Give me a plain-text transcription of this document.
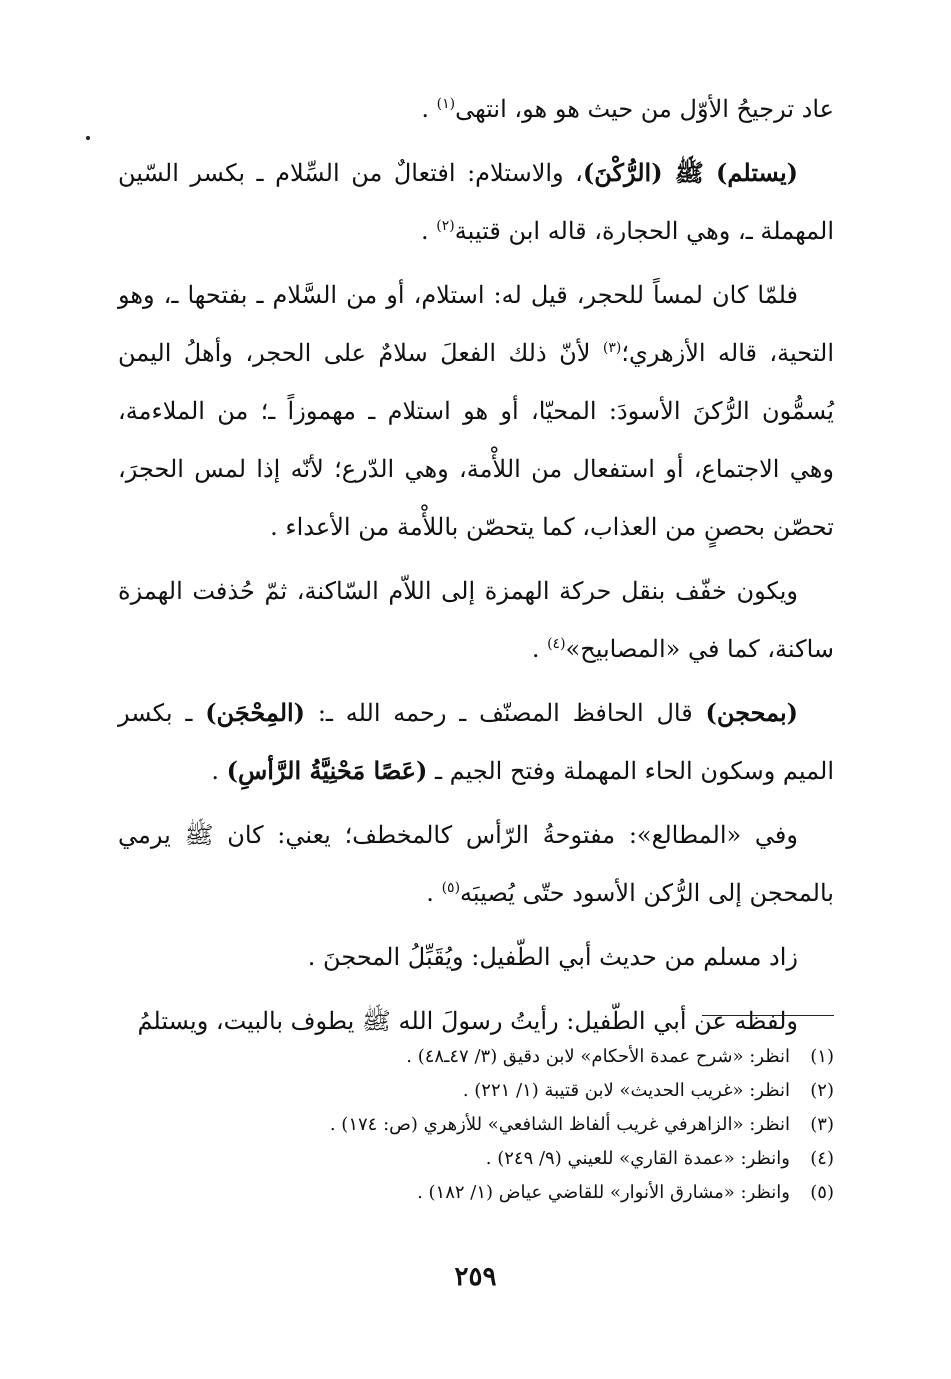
عاد ترجيحُ الأوّل من حيث هو هو، انتهى$^{(١)}$ .

(يستلم) ﷺ (الرُّكْنَ)، والاستلام: افتعالٌ من السِّلام ـ بكسر السّين المهملة ـ، وهي الحجارة، قاله ابن قتيبة$^{(٢)}$ .

فلمّا كان لمساً للحجر، قيل له: استلام، أو من السَّلام ـ بفتحها ـ، وهو التحية، قاله الأزهري؛$^{(٣)}$ لأنّ ذلك الفعلَ سلامٌ على الحجر، وأهلُ اليمن يُسمُّون الرُّكنَ الأسودَ: المحيّا، أو هو استلام ـ مهموزاً ـ؛ من الملاءمة، وهي الاجتماع، أو استفعال من اللأْمة، وهي الدّرع؛ لأنّه إذا لمس الحجرَ، تحصّن بحصنٍ من العذاب، كما يتحصّن باللأْمة من الأعداء .

ويكون خفّف بنقل حركة الهمزة إلى اللاّم السّاكنة، ثمّ حُذفت الهمزة ساكنة، كما في «المصابيح»$^{(٤)}$ .

(بمحجن) قال الحافظ المصنّف ـ رحمه الله ـ: (المِحْجَن) ـ بكسر الميم وسكون الحاء المهملة وفتح الجيم ـ (عَصًا مَحْنِيَّةُ الرَّأسِ) .

وفي «المطالع»: مفتوحةُ الرّأس كالمخطف؛ يعني: كان ﷺ يرمي بالمحجن إلى الرُّكن الأسود حتّى يُصيبَه$^{(٥)}$ .

زاد مسلم من حديث أبي الطّفيل: ويُقَبِّلُ المحجنَ .

ولفظه عن أبي الطّفيل: رأيتُ رسولَ الله ﷺ يطوف بالبيت، ويستلمُ

(١)انظر: «شرح عمدة الأحكام» لابن دقيق (٣/ ٤٧ـ٤٨) .
(٢)انظر: «غريب الحديث» لابن قتيبة (١/ ٢٢١) .
(٣)انظر: «الزاهرفي غريب ألفاظ الشافعي» للأزهري (ص: ١٧٤) .
(٤)وانظر: «عمدة القاري» للعيني (٩/ ٢٤٩) .
(٥)وانظر: «مشارق الأنوار» للقاضي عياض (١/ ١٨٢) .
٢٥٩
